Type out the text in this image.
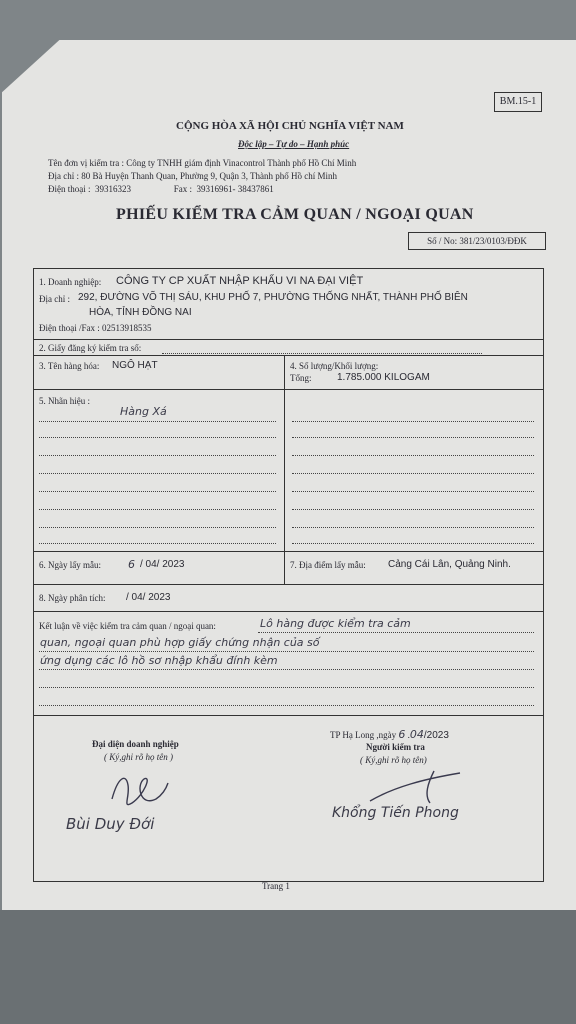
BM.15-1
CỘNG HÒA XÃ HỘI CHỦ NGHĨA VIỆT NAM
Độc lập – Tự do – Hạnh phúc
Tên đơn vị kiểm tra : Công ty TNHH giám định Vinacontrol Thành phố Hồ Chí Minh
Địa chỉ : 80 Bà Huyện Thanh Quan, Phường 9, Quận 3, Thành phố Hồ chí Minh
Điện thoại :  39316323                   Fax :  39316961- 38437861
PHIẾU KIỂM TRA CẢM QUAN / NGOẠI QUAN
Số / No: 381/23/0103/ĐĐK
1. Doanh nghiệp: CÔNG TY CP XUẤT NHẬP KHẨU VI NA ĐẠI VIỆT
Địa chỉ : 292, ĐƯỜNG VÕ THỊ SÁU, KHU PHỐ 7, PHƯỜNG THỐNG NHẤT, THÀNH PHỐ BIÊN
HÒA, TỈNH ĐỒNG NAI
Điện thoại /Fax : 02513918535
2. Giấy đăng ký kiểm tra số:
3. Tên hàng hóa: NGÔ HẠT	4. Số lượng/Khối lượng:
Tổng:	1.785.000 KILOGAM
5. Nhãn hiệu :
Hàng Xá
6. Ngày lấy mẫu: 6 / 04/ 2023	7. Địa điểm lấy mẫu: Cảng Cái Lân, Quảng Ninh.
8. Ngày phân tích: / 04/ 2023
Kết luận về việc kiểm tra cảm quan / ngoại quan:	Lô hàng được kiểm tra cảm
quan, ngoại quan phù hợp giấy chứng nhận của số
ứng dụng các lô hồ sơ nhập khẩu đính kèm
Đại diện doanh nghiệp
( Ký,ghi rõ họ tên )
Bùi Duy Đới
TP Hạ Long ,ngày 6 .04/2023
Người kiểm tra
( Ký,ghi rõ họ tên)
Khổng Tiến Phong
Trang 1
